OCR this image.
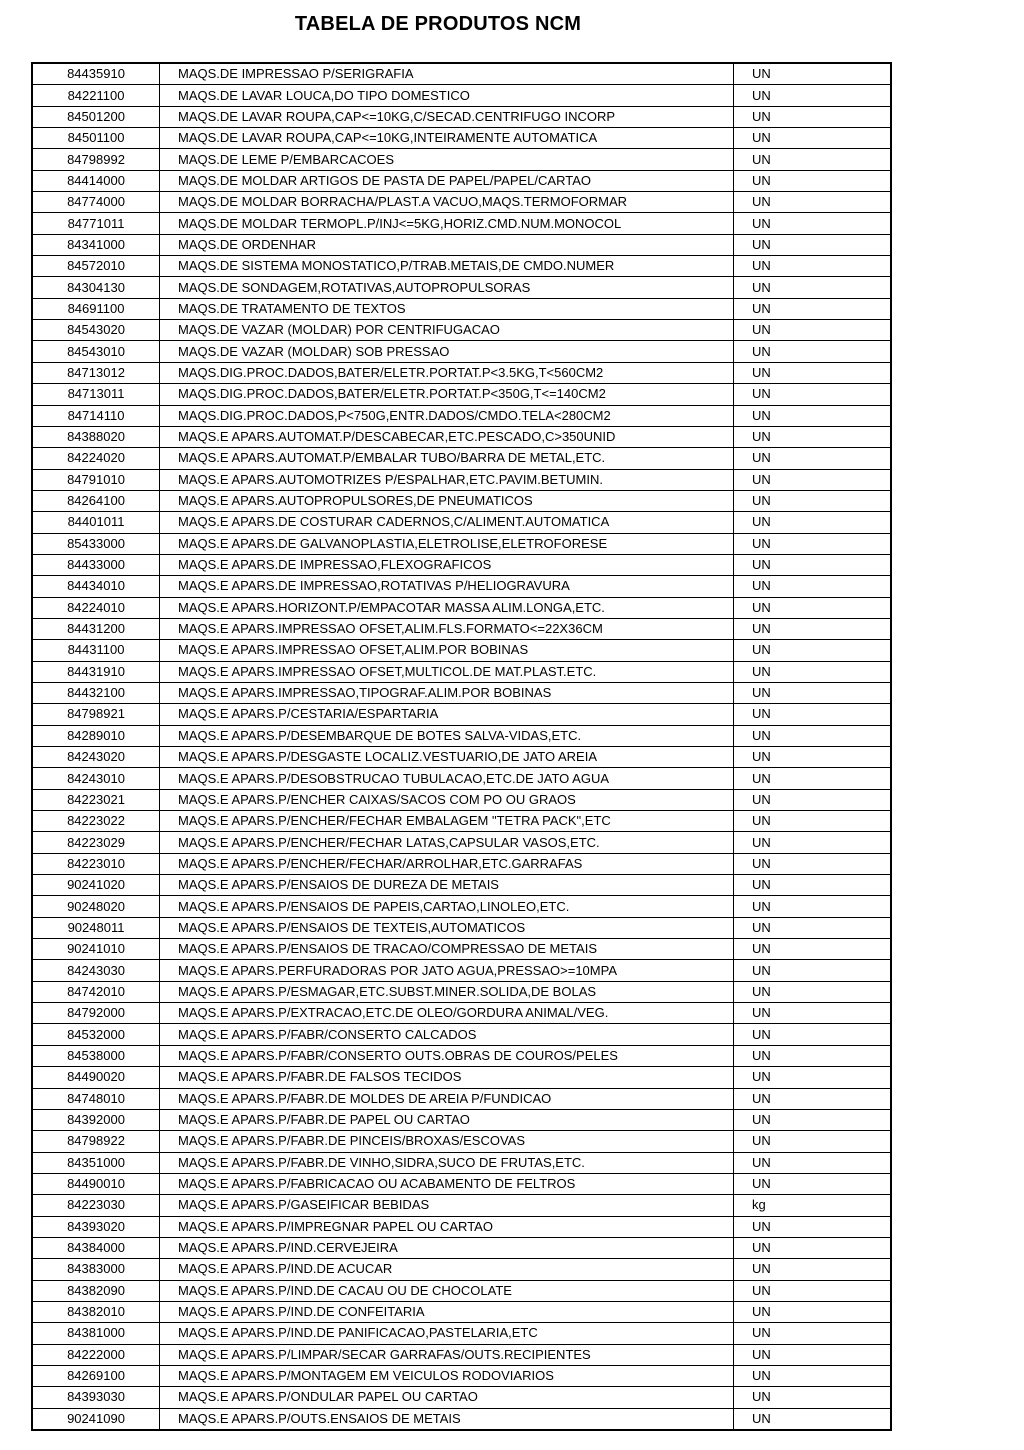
TABELA DE PRODUTOS NCM
84435910	MAQS.DE IMPRESSAO P/SERIGRAFIA	UN
84221100	MAQS.DE LAVAR LOUCA,DO TIPO DOMESTICO	UN
84501200	MAQS.DE LAVAR ROUPA,CAP<=10KG,C/SECAD.CENTRIFUGO INCORP	UN
84501100	MAQS.DE LAVAR ROUPA,CAP<=10KG,INTEIRAMENTE AUTOMATICA	UN
84798992	MAQS.DE LEME P/EMBARCACOES	UN
84414000	MAQS.DE MOLDAR ARTIGOS DE PASTA DE PAPEL/PAPEL/CARTAO	UN
84774000	MAQS.DE MOLDAR BORRACHA/PLAST.A VACUO,MAQS.TERMOFORMAR	UN
84771011	MAQS.DE MOLDAR TERMOPL.P/INJ<=5KG,HORIZ.CMD.NUM.MONOCOL	UN
84341000	MAQS.DE ORDENHAR	UN
84572010	MAQS.DE SISTEMA MONOSTATICO,P/TRAB.METAIS,DE CMDO.NUMER	UN
84304130	MAQS.DE SONDAGEM,ROTATIVAS,AUTOPROPULSORAS	UN
84691100	MAQS.DE TRATAMENTO DE TEXTOS	UN
84543020	MAQS.DE VAZAR (MOLDAR) POR CENTRIFUGACAO	UN
84543010	MAQS.DE VAZAR (MOLDAR) SOB PRESSAO	UN
84713012	MAQS.DIG.PROC.DADOS,BATER/ELETR.PORTAT.P<3.5KG,T<560CM2	UN
84713011	MAQS.DIG.PROC.DADOS,BATER/ELETR.PORTAT.P<350G,T<=140CM2	UN
84714110	MAQS.DIG.PROC.DADOS,P<750G,ENTR.DADOS/CMDO.TELA<280CM2	UN
84388020	MAQS.E APARS.AUTOMAT.P/DESCABECAR,ETC.PESCADO,C>350UNID	UN
84224020	MAQS.E APARS.AUTOMAT.P/EMBALAR TUBO/BARRA DE METAL,ETC.	UN
84791010	MAQS.E APARS.AUTOMOTRIZES P/ESPALHAR,ETC.PAVIM.BETUMIN.	UN
84264100	MAQS.E APARS.AUTOPROPULSORES,DE PNEUMATICOS	UN
84401011	MAQS.E APARS.DE COSTURAR CADERNOS,C/ALIMENT.AUTOMATICA	UN
85433000	MAQS.E APARS.DE GALVANOPLASTIA,ELETROLISE,ELETROFORESE	UN
84433000	MAQS.E APARS.DE IMPRESSAO,FLEXOGRAFICOS	UN
84434010	MAQS.E APARS.DE IMPRESSAO,ROTATIVAS P/HELIOGRAVURA	UN
84224010	MAQS.E APARS.HORIZONT.P/EMPACOTAR MASSA ALIM.LONGA,ETC.	UN
84431200	MAQS.E APARS.IMPRESSAO OFSET,ALIM.FLS.FORMATO<=22X36CM	UN
84431100	MAQS.E APARS.IMPRESSAO OFSET,ALIM.POR BOBINAS	UN
84431910	MAQS.E APARS.IMPRESSAO OFSET,MULTICOL.DE MAT.PLAST.ETC.	UN
84432100	MAQS.E APARS.IMPRESSAO,TIPOGRAF.ALIM.POR BOBINAS	UN
84798921	MAQS.E APARS.P/CESTARIA/ESPARTARIA	UN
84289010	MAQS.E APARS.P/DESEMBARQUE DE BOTES SALVA-VIDAS,ETC.	UN
84243020	MAQS.E APARS.P/DESGASTE LOCALIZ.VESTUARIO,DE JATO AREIA	UN
84243010	MAQS.E APARS.P/DESOBSTRUCAO TUBULACAO,ETC.DE JATO AGUA	UN
84223021	MAQS.E APARS.P/ENCHER CAIXAS/SACOS COM PO OU GRAOS	UN
84223022	MAQS.E APARS.P/ENCHER/FECHAR EMBALAGEM "TETRA PACK",ETC	UN
84223029	MAQS.E APARS.P/ENCHER/FECHAR LATAS,CAPSULAR VASOS,ETC.	UN
84223010	MAQS.E APARS.P/ENCHER/FECHAR/ARROLHAR,ETC.GARRAFAS	UN
90241020	MAQS.E APARS.P/ENSAIOS DE DUREZA DE METAIS	UN
90248020	MAQS.E APARS.P/ENSAIOS DE PAPEIS,CARTAO,LINOLEO,ETC.	UN
90248011	MAQS.E APARS.P/ENSAIOS DE TEXTEIS,AUTOMATICOS	UN
90241010	MAQS.E APARS.P/ENSAIOS DE TRACAO/COMPRESSAO DE METAIS	UN
84243030	MAQS.E APARS.PERFURADORAS POR JATO AGUA,PRESSAO>=10MPA	UN
84742010	MAQS.E APARS.P/ESMAGAR,ETC.SUBST.MINER.SOLIDA,DE BOLAS	UN
84792000	MAQS.E APARS.P/EXTRACAO,ETC.DE OLEO/GORDURA ANIMAL/VEG.	UN
84532000	MAQS.E APARS.P/FABR/CONSERTO CALCADOS	UN
84538000	MAQS.E APARS.P/FABR/CONSERTO OUTS.OBRAS DE COUROS/PELES	UN
84490020	MAQS.E APARS.P/FABR.DE FALSOS TECIDOS	UN
84748010	MAQS.E APARS.P/FABR.DE MOLDES DE AREIA P/FUNDICAO	UN
84392000	MAQS.E APARS.P/FABR.DE PAPEL OU CARTAO	UN
84798922	MAQS.E APARS.P/FABR.DE PINCEIS/BROXAS/ESCOVAS	UN
84351000	MAQS.E APARS.P/FABR.DE VINHO,SIDRA,SUCO DE FRUTAS,ETC.	UN
84490010	MAQS.E APARS.P/FABRICACAO OU ACABAMENTO DE FELTROS	UN
84223030	MAQS.E APARS.P/GASEIFICAR BEBIDAS	kg
84393020	MAQS.E APARS.P/IMPREGNAR PAPEL OU CARTAO	UN
84384000	MAQS.E APARS.P/IND.CERVEJEIRA	UN
84383000	MAQS.E APARS.P/IND.DE ACUCAR	UN
84382090	MAQS.E APARS.P/IND.DE CACAU OU DE CHOCOLATE	UN
84382010	MAQS.E APARS.P/IND.DE CONFEITARIA	UN
84381000	MAQS.E APARS.P/IND.DE PANIFICACAO,PASTELARIA,ETC	UN
84222000	MAQS.E APARS.P/LIMPAR/SECAR GARRAFAS/OUTS.RECIPIENTES	UN
84269100	MAQS.E APARS.P/MONTAGEM EM VEICULOS RODOVIARIOS	UN
84393030	MAQS.E APARS.P/ONDULAR PAPEL OU CARTAO	UN
90241090	MAQS.E APARS.P/OUTS.ENSAIOS DE METAIS	UN
